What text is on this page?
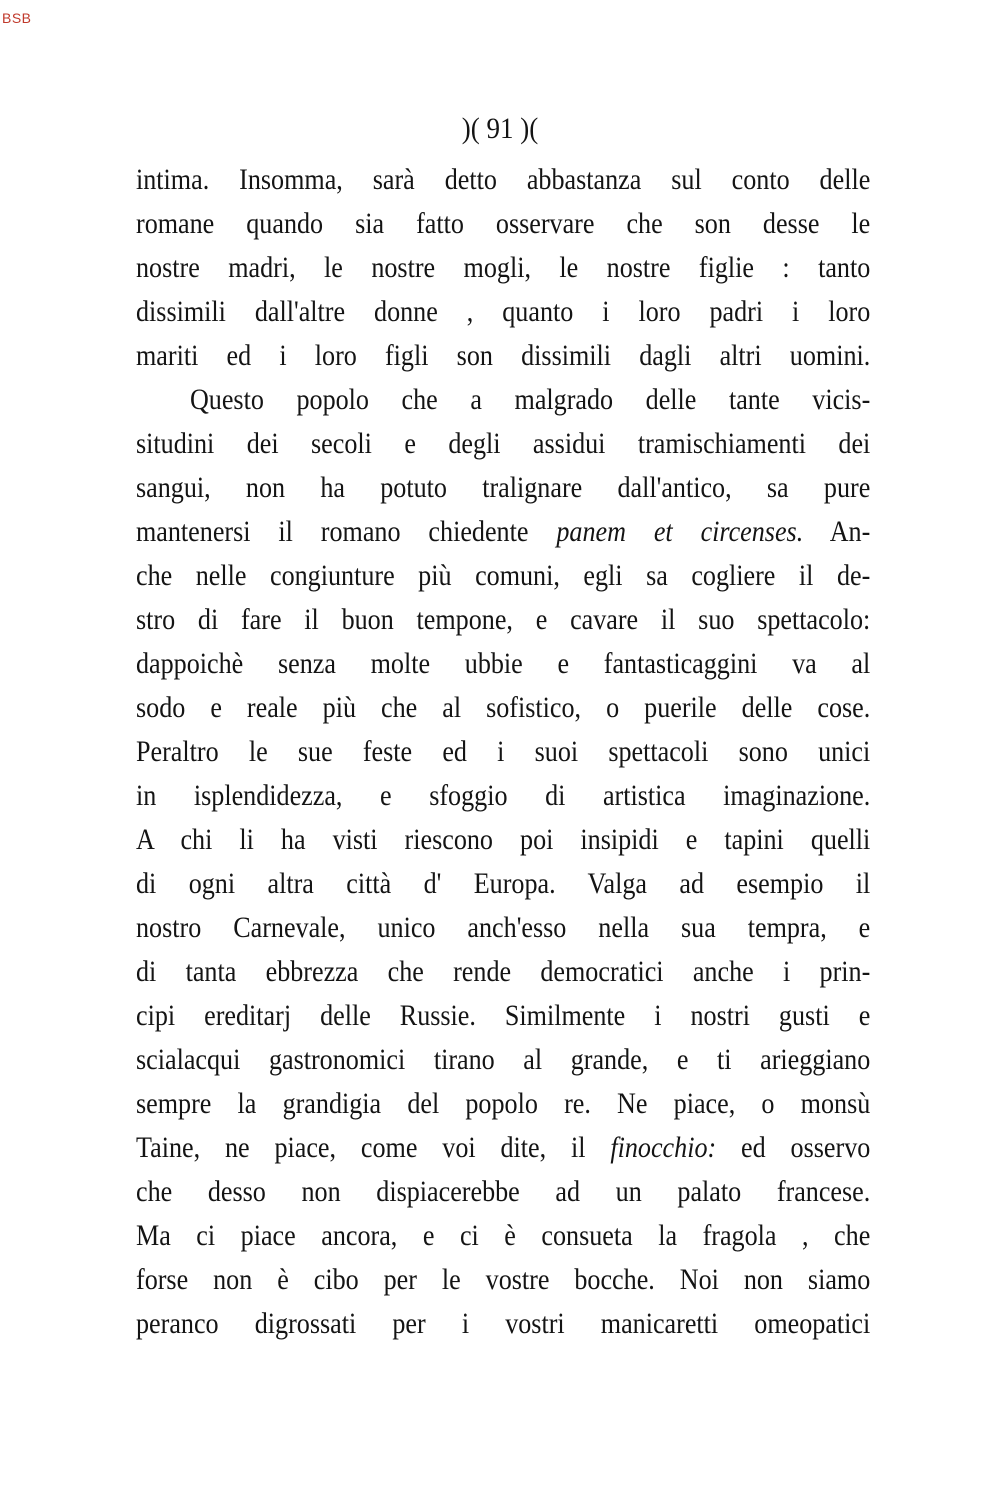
BSB
)( 91 )(
intima. Insomma, sarà detto abbastanza sul conto delle
romane quando sia fatto osservare che son desse le
nostre madri, le nostre mogli, le nostre figlie : tanto
dissimili dall'altre donne , quanto i loro padri i loro
mariti ed i loro figli son dissimili dagli altri uomini.
Questo popolo che a malgrado delle tante vicis-
situdini dei secoli e degli assidui tramischiamenti dei
sangui, non ha potuto tralignare dall'antico, sa pure
mantenersi il romano chiedente panem et circenses. An-
che nelle congiunture più comuni, egli sa cogliere il de-
stro di fare il buon tempone, e cavare il suo spettacolo:
dappoichè senza molte ubbie e fantasticaggini va al
sodo e reale più che al sofistico, o puerile delle cose.
Peraltro le sue feste ed i suoi spettacoli sono unici
in isplendidezza, e sfoggio di artistica imaginazione.
A chi li ha visti riescono poi insipidi e tapini quelli
di ogni altra città d' Europa. Valga ad esempio il
nostro Carnevale, unico anch'esso nella sua tempra, e
di tanta ebbrezza che rende democratici anche i prin-
cipi ereditarj delle Russie. Similmente i nostri gusti e
scialacqui gastronomici tirano al grande, e ti arieggiano
sempre la grandigia del popolo re. Ne piace, o monsù
Taine, ne piace, come voi dite, il finocchio: ed osservo
che desso non dispiacerebbe ad un palato francese.
Ma ci piace ancora, e ci è consueta la fragola , che
forse non è cibo per le vostre bocche. Noi non siamo
peranco digrossati per i vostri manicaretti omeopatici
